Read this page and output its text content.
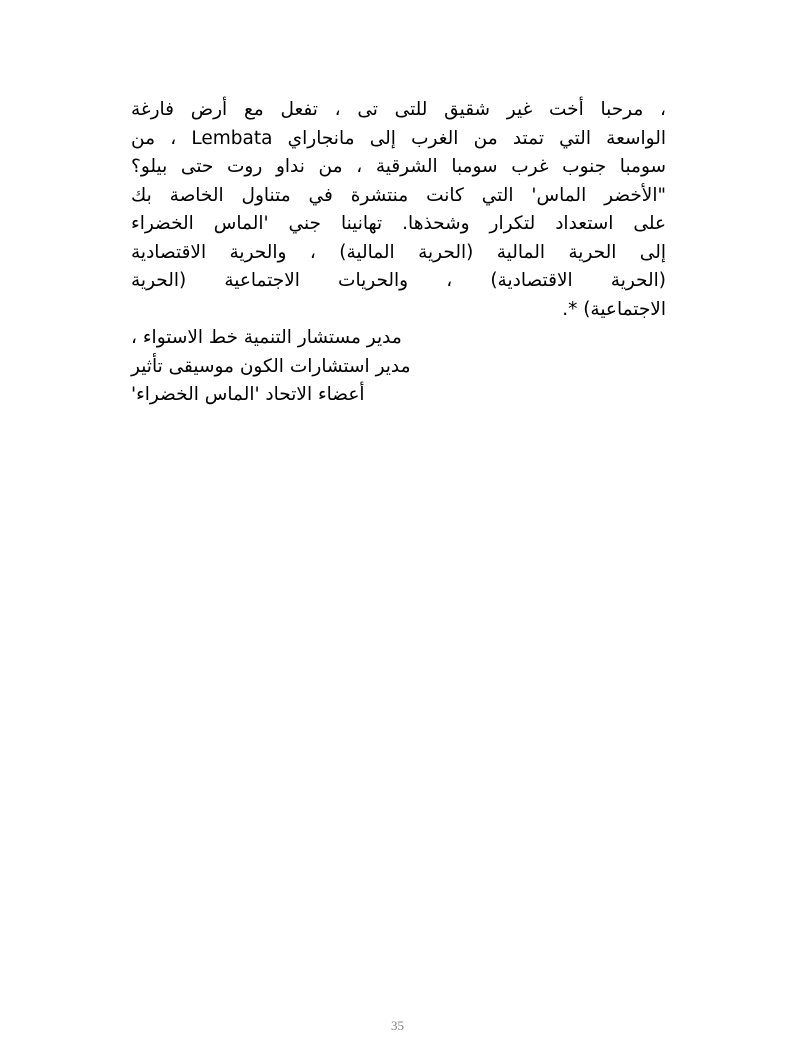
، مرحبا أخت غير شقيق للتى تى ، تفعل مع أرض فارغة
الواسعة التي تمتد من الغرب إلى مانجاراي Lembata ، من
سومبا جنوب غرب سومبا الشرقية ، من نداو روت حتى بيلو؟
"الأخضر الماس' التي كانت منتشرة في متناول الخاصة بك
على استعداد لتكرار وشحذها. تهانينا جني 'الماس الخضراء
إلى الحرية المالية (الحرية المالية) ، والحرية الاقتصادية
(الحرية الاقتصادية) ، والحريات الاجتماعية (الحرية
الاجتماعية) *.
مدير مستشار التنمية خط الاستواء ،
مدير استشارات الكون موسيقى تأثير
أعضاء الاتحاد 'الماس الخضراء'
35
